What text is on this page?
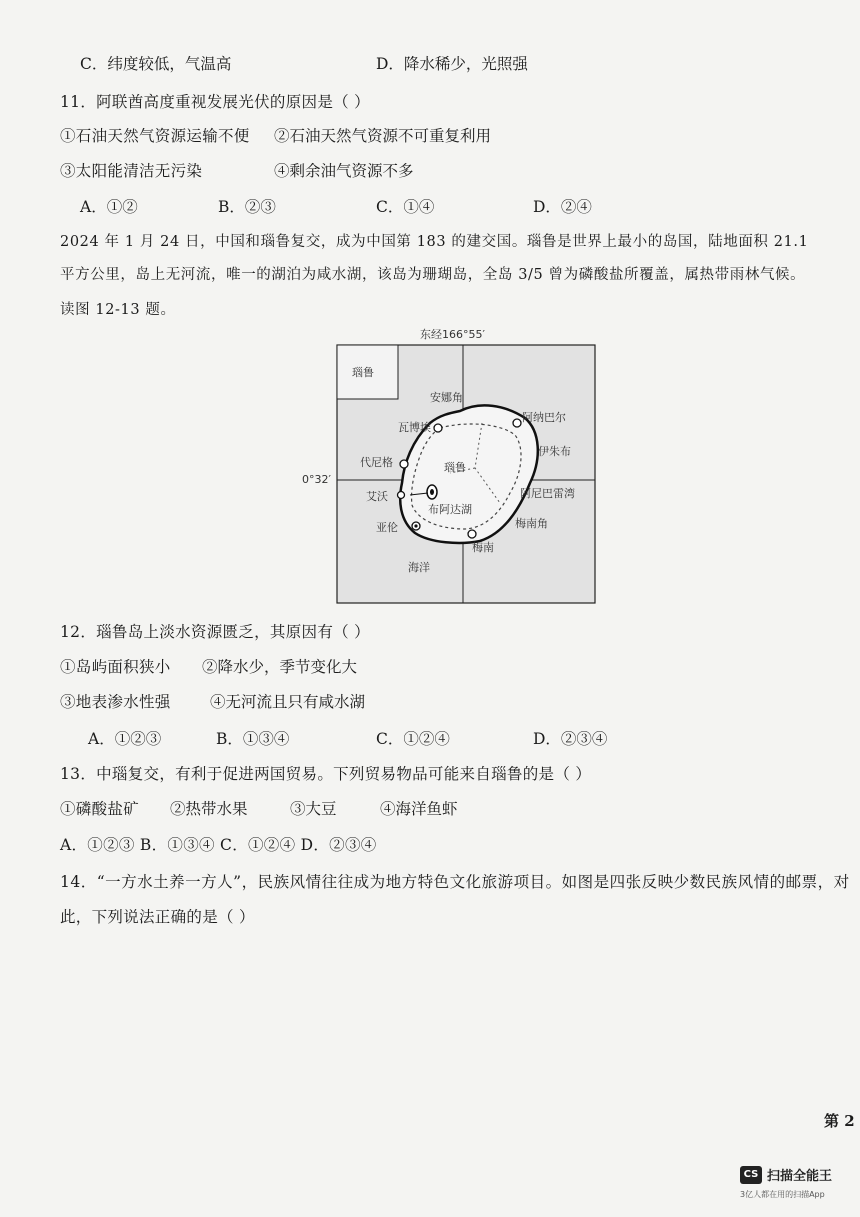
C．纬度较低，气温高	D．降水稀少，光照强
11．阿联酋高度重视发展光伏的原因是（ ）
①石油天然气资源运输不便 ②石油天然气资源不可重复利用
③太阳能清洁无污染	④剩余油气资源不多
A．①②	B．②③	C．①④	D．②④
2024 年 1 月 24 日，中国和瑙鲁复交，成为中国第 183 的建交国。瑙鲁是世界上最小的岛国，陆地面积 21.1
平方公里，岛上无河流，唯一的湖泊为咸水湖，该岛为珊瑚岛，全岛 3/5 曾为磷酸盐所覆盖，属热带雨林气候。
读图 12-13 题。
东经166°55′
瑙鲁
0°32′
安娜角
阿纳巴尔
瓦博埃
伊朱布
代尼格	瑙鲁
艾沃	阿尼巴雷湾
布阿达湖
亚伦	梅南角
梅南
海洋
12．瑙鲁岛上淡水资源匮乏，其原因有（ ）
①岛屿面积狭小 ②降水少，季节变化大
③地表渗水性强	④无河流且只有咸水湖
A．①②③	B．①③④	C．①②④	D．②③④
13．中瑙复交，有利于促进两国贸易。下列贸易物品可能来自瑙鲁的是（ ）
①磷酸盐矿 ②热带水果	③大豆	④海洋鱼虾
A．①②③ B．①③④ C．①②④ D．②③④
14．“一方水土养一方人”，民族风情往往成为地方特色文化旅游项目。如图是四张反映少数民族风情的邮票，对
此，下列说法正确的是（ ）
第 2
CS 扫描全能王
3亿人都在用的扫描App
